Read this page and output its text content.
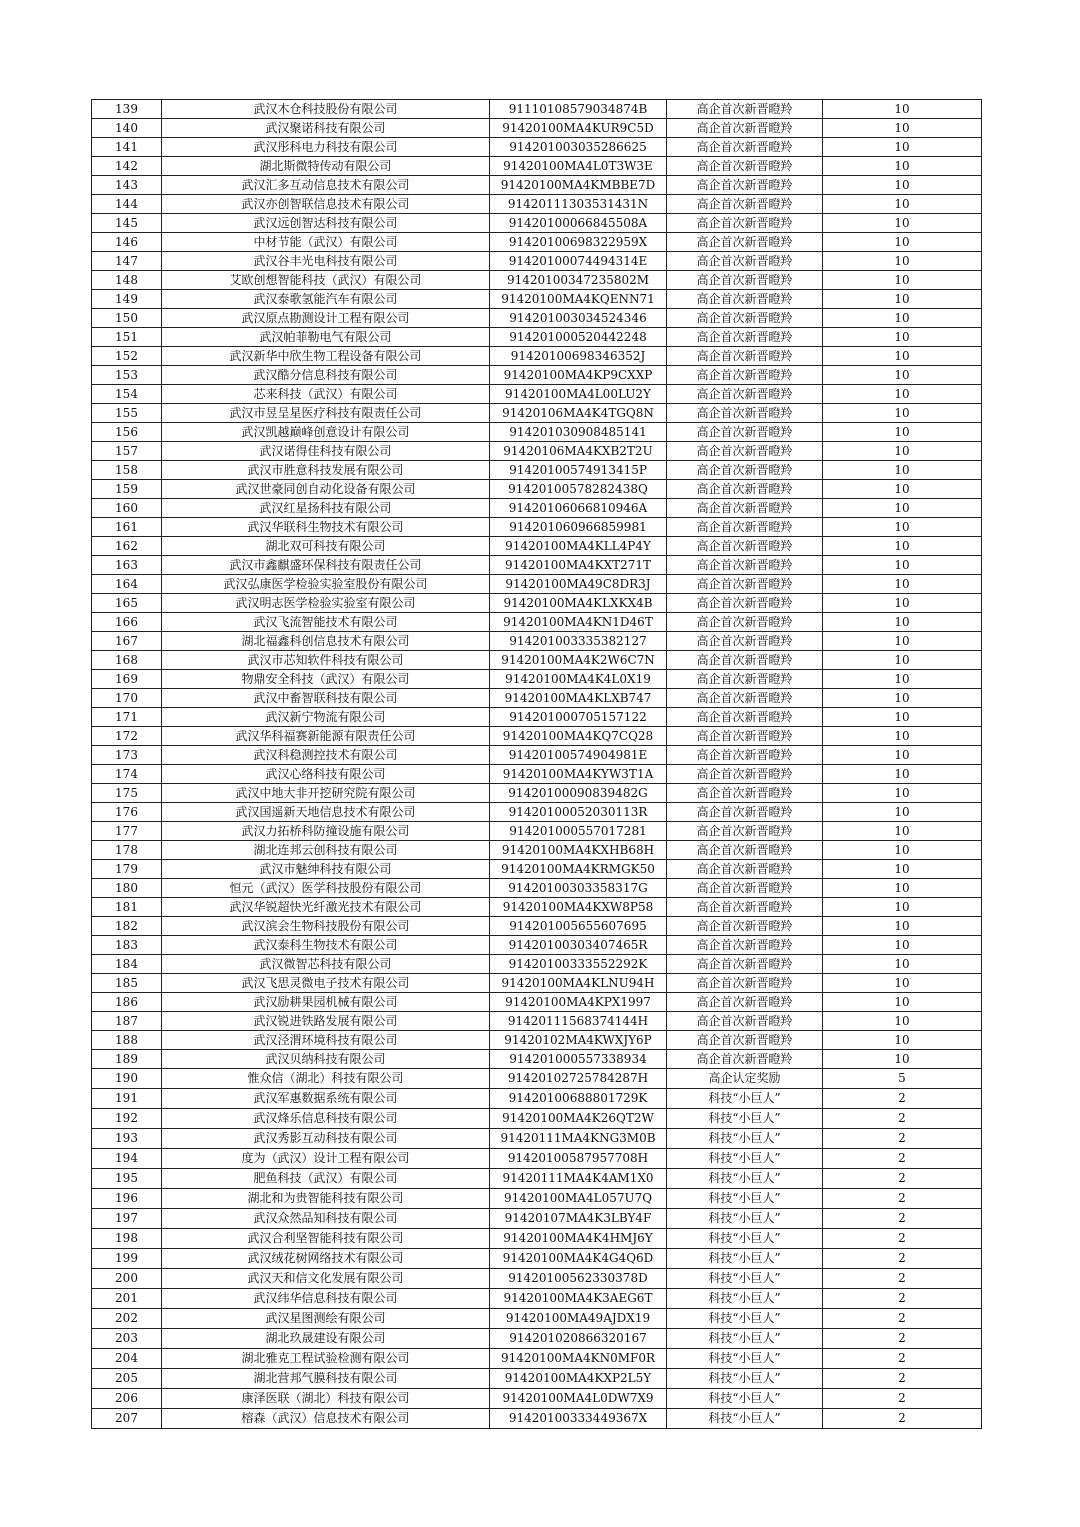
139	武汉木仓科技股份有限公司	91110108579034874B	高企首次新晋瞪羚	10
140	武汉聚诺科技有限公司	91420100MA4KUR9C5D	高企首次新晋瞪羚	10
141	武汉彤科电力科技有限公司	914201003035286625	高企首次新晋瞪羚	10
142	湖北斯微特传动有限公司	91420100MA4L0T3W3E	高企首次新晋瞪羚	10
143	武汉汇多互动信息技术有限公司	91420100MA4KMBBE7D	高企首次新晋瞪羚	10
144	武汉亦创智联信息技术有限公司	91420111303531431N	高企首次新晋瞪羚	10
145	武汉远创智达科技有限公司	91420100066845508A	高企首次新晋瞪羚	10
146	中材节能（武汉）有限公司	91420100698322959X	高企首次新晋瞪羚	10
147	武汉谷丰光电科技有限公司	91420100074494314E	高企首次新晋瞪羚	10
148	艾欧创想智能科技（武汉）有限公司	91420100347235802M	高企首次新晋瞪羚	10
149	武汉泰歌氢能汽车有限公司	91420100MA4KQENN71	高企首次新晋瞪羚	10
150	武汉原点勘测设计工程有限公司	914201003034524346	高企首次新晋瞪羚	10
151	武汉帕菲勒电气有限公司	914201000520442248	高企首次新晋瞪羚	10
152	武汉新华中欣生物工程设备有限公司	91420100698346352J	高企首次新晋瞪羚	10
153	武汉酷分信息科技有限公司	91420100MA4KP9CXXP	高企首次新晋瞪羚	10
154	芯来科技（武汉）有限公司	91420100MA4L00LU2Y	高企首次新晋瞪羚	10
155	武汉市昱呈星医疗科技有限责任公司	91420106MA4K4TGQ8N	高企首次新晋瞪羚	10
156	武汉凯越巅峰创意设计有限公司	914201030908485141	高企首次新晋瞪羚	10
157	武汉诺得佳科技有限公司	91420106MA4KXB2T2U	高企首次新晋瞪羚	10
158	武汉市胜意科技发展有限公司	91420100574913415P	高企首次新晋瞪羚	10
159	武汉世豪同创自动化设备有限公司	91420100578282438Q	高企首次新晋瞪羚	10
160	武汉红星扬科技有限公司	91420106066810946A	高企首次新晋瞪羚	10
161	武汉华联科生物技术有限公司	914201060966859981	高企首次新晋瞪羚	10
162	湖北双可科技有限公司	91420100MA4KLL4P4Y	高企首次新晋瞪羚	10
163	武汉市鑫麒盛环保科技有限责任公司	91420100MA4KXT271T	高企首次新晋瞪羚	10
164	武汉弘康医学检验实验室股份有限公司	91420100MA49C8DR3J	高企首次新晋瞪羚	10
165	武汉明志医学检验实验室有限公司	91420100MA4KLXKX4B	高企首次新晋瞪羚	10
166	武汉飞流智能技术有限公司	91420100MA4KN1D46T	高企首次新晋瞪羚	10
167	湖北福鑫科创信息技术有限公司	914201003335382127	高企首次新晋瞪羚	10
168	武汉市芯知软件科技有限公司	91420100MA4K2W6C7N	高企首次新晋瞪羚	10
169	物鼎安全科技（武汉）有限公司	91420100MA4K4L0X19	高企首次新晋瞪羚	10
170	武汉中畜智联科技有限公司	91420100MA4KLXB747	高企首次新晋瞪羚	10
171	武汉新宁物流有限公司	914201000705157122	高企首次新晋瞪羚	10
172	武汉华科福赛新能源有限责任公司	91420100MA4KQ7CQ28	高企首次新晋瞪羚	10
173	武汉科稳测控技术有限公司	91420100574904981E	高企首次新晋瞪羚	10
174	武汉心络科技有限公司	91420100MA4KYW3T1A	高企首次新晋瞪羚	10
175	武汉中地大非开挖研究院有限公司	91420100090839482G	高企首次新晋瞪羚	10
176	武汉国遥新天地信息技术有限公司	91420100052030113R	高企首次新晋瞪羚	10
177	武汉力拓桥科防撞设施有限公司	914201000557017281	高企首次新晋瞪羚	10
178	湖北连邦云创科技有限公司	91420100MA4KXHB68H	高企首次新晋瞪羚	10
179	武汉市魅绅科技有限公司	91420100MA4KRMGK50	高企首次新晋瞪羚	10
180	恒元（武汉）医学科技股份有限公司	91420100303358317G	高企首次新晋瞪羚	10
181	武汉华锐超快光纤激光技术有限公司	91420100MA4KXW8P58	高企首次新晋瞪羚	10
182	武汉滨会生物科技股份有限公司	914201005655607695	高企首次新晋瞪羚	10
183	武汉泰科生物技术有限公司	91420100303407465R	高企首次新晋瞪羚	10
184	武汉微智芯科技有限公司	91420100333552292K	高企首次新晋瞪羚	10
185	武汉飞思灵微电子技术有限公司	91420100MA4KLNU94H	高企首次新晋瞪羚	10
186	武汉励耕果园机械有限公司	91420100MA4KPX1997	高企首次新晋瞪羚	10
187	武汉锐进铁路发展有限公司	91420111568374144H	高企首次新晋瞪羚	10
188	武汉泾渭环境科技有限公司	91420102MA4KWXJY6P	高企首次新晋瞪羚	10
189	武汉贝纳科技有限公司	914201000557338934	高企首次新晋瞪羚	10
190	惟众信（湖北）科技有限公司	91420102725784287H	高企认定奖励	5
191	武汉军惠数据系统有限公司	91420100688801729K	科技“小巨人”	2
192	武汉烽乐信息科技有限公司	91420100MA4K26QT2W	科技“小巨人”	2
193	武汉秀影互动科技有限公司	91420111MA4KNG3M0B	科技“小巨人”	2
194	度为（武汉）设计工程有限公司	91420100587957708H	科技“小巨人”	2
195	肥鱼科技（武汉）有限公司	91420111MA4K4AM1X0	科技“小巨人”	2
196	湖北和为贵智能科技有限公司	91420100MA4L057U7Q	科技“小巨人”	2
197	武汉众然品知科技有限公司	91420107MA4K3LBY4F	科技“小巨人”	2
198	武汉合利坚智能科技有限公司	91420100MA4K4HMJ6Y	科技“小巨人”	2
199	武汉绒花树网络技术有限公司	91420100MA4K4G4Q6D	科技“小巨人”	2
200	武汉天和信文化发展有限公司	91420100562330378D	科技“小巨人”	2
201	武汉纬华信息科技有限公司	91420100MA4K3AEG6T	科技“小巨人”	2
202	武汉星图测绘有限公司	91420100MA49AJDX19	科技“小巨人”	2
203	湖北玖晟建设有限公司	914201020866320167	科技“小巨人”	2
204	湖北雅克工程试验检测有限公司	91420100MA4KN0MF0R	科技“小巨人”	2
205	湖北营邦气膜科技有限公司	91420100MA4KXP2L5Y	科技“小巨人”	2
206	康泽医联（湖北）科技有限公司	91420100MA4L0DW7X9	科技“小巨人”	2
207	榕森（武汉）信息技术有限公司	91420100333449367X	科技“小巨人”	2
